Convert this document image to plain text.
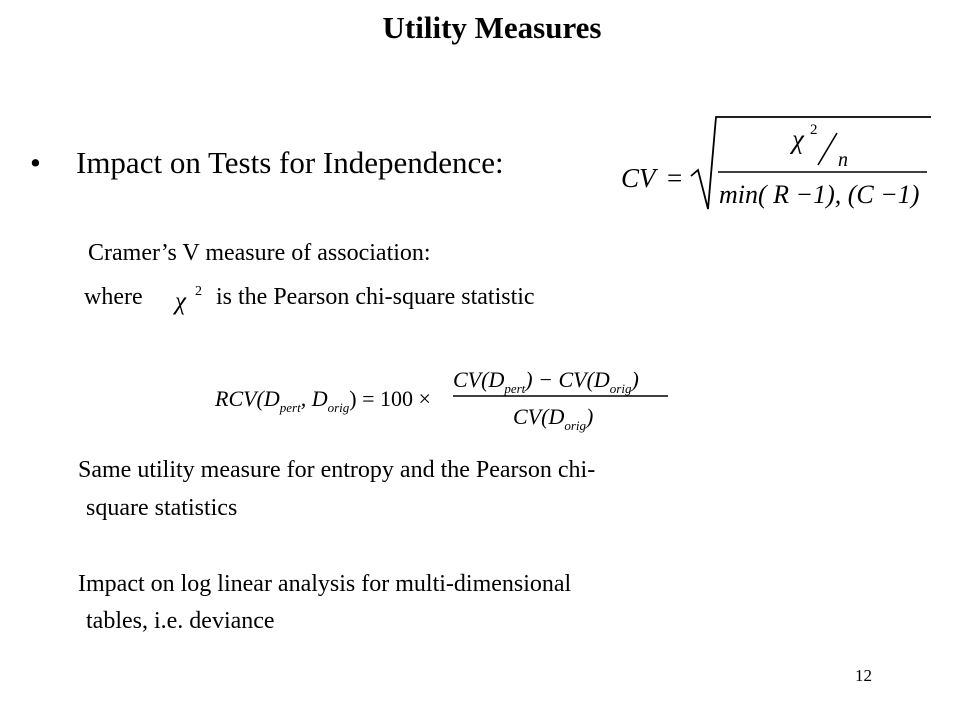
Utility Measures
• Impact on Tests for Independence:	CV =
χ 2
n
min( R −1), (C −1)
Cramer’s V measure of association:
where χ 2 is the Pearson chi-square statistic
$RCV(D_{pert}$, $D_{orig}) = 100$ ×
$CV(D_{pert}) - CV(D_{orig})$
$CV(D_{orig})$
Same utility measure for entropy and the Pearson chi-
square statistics
Impact on log linear analysis for multi-dimensional
tables, i.e. deviance
12
